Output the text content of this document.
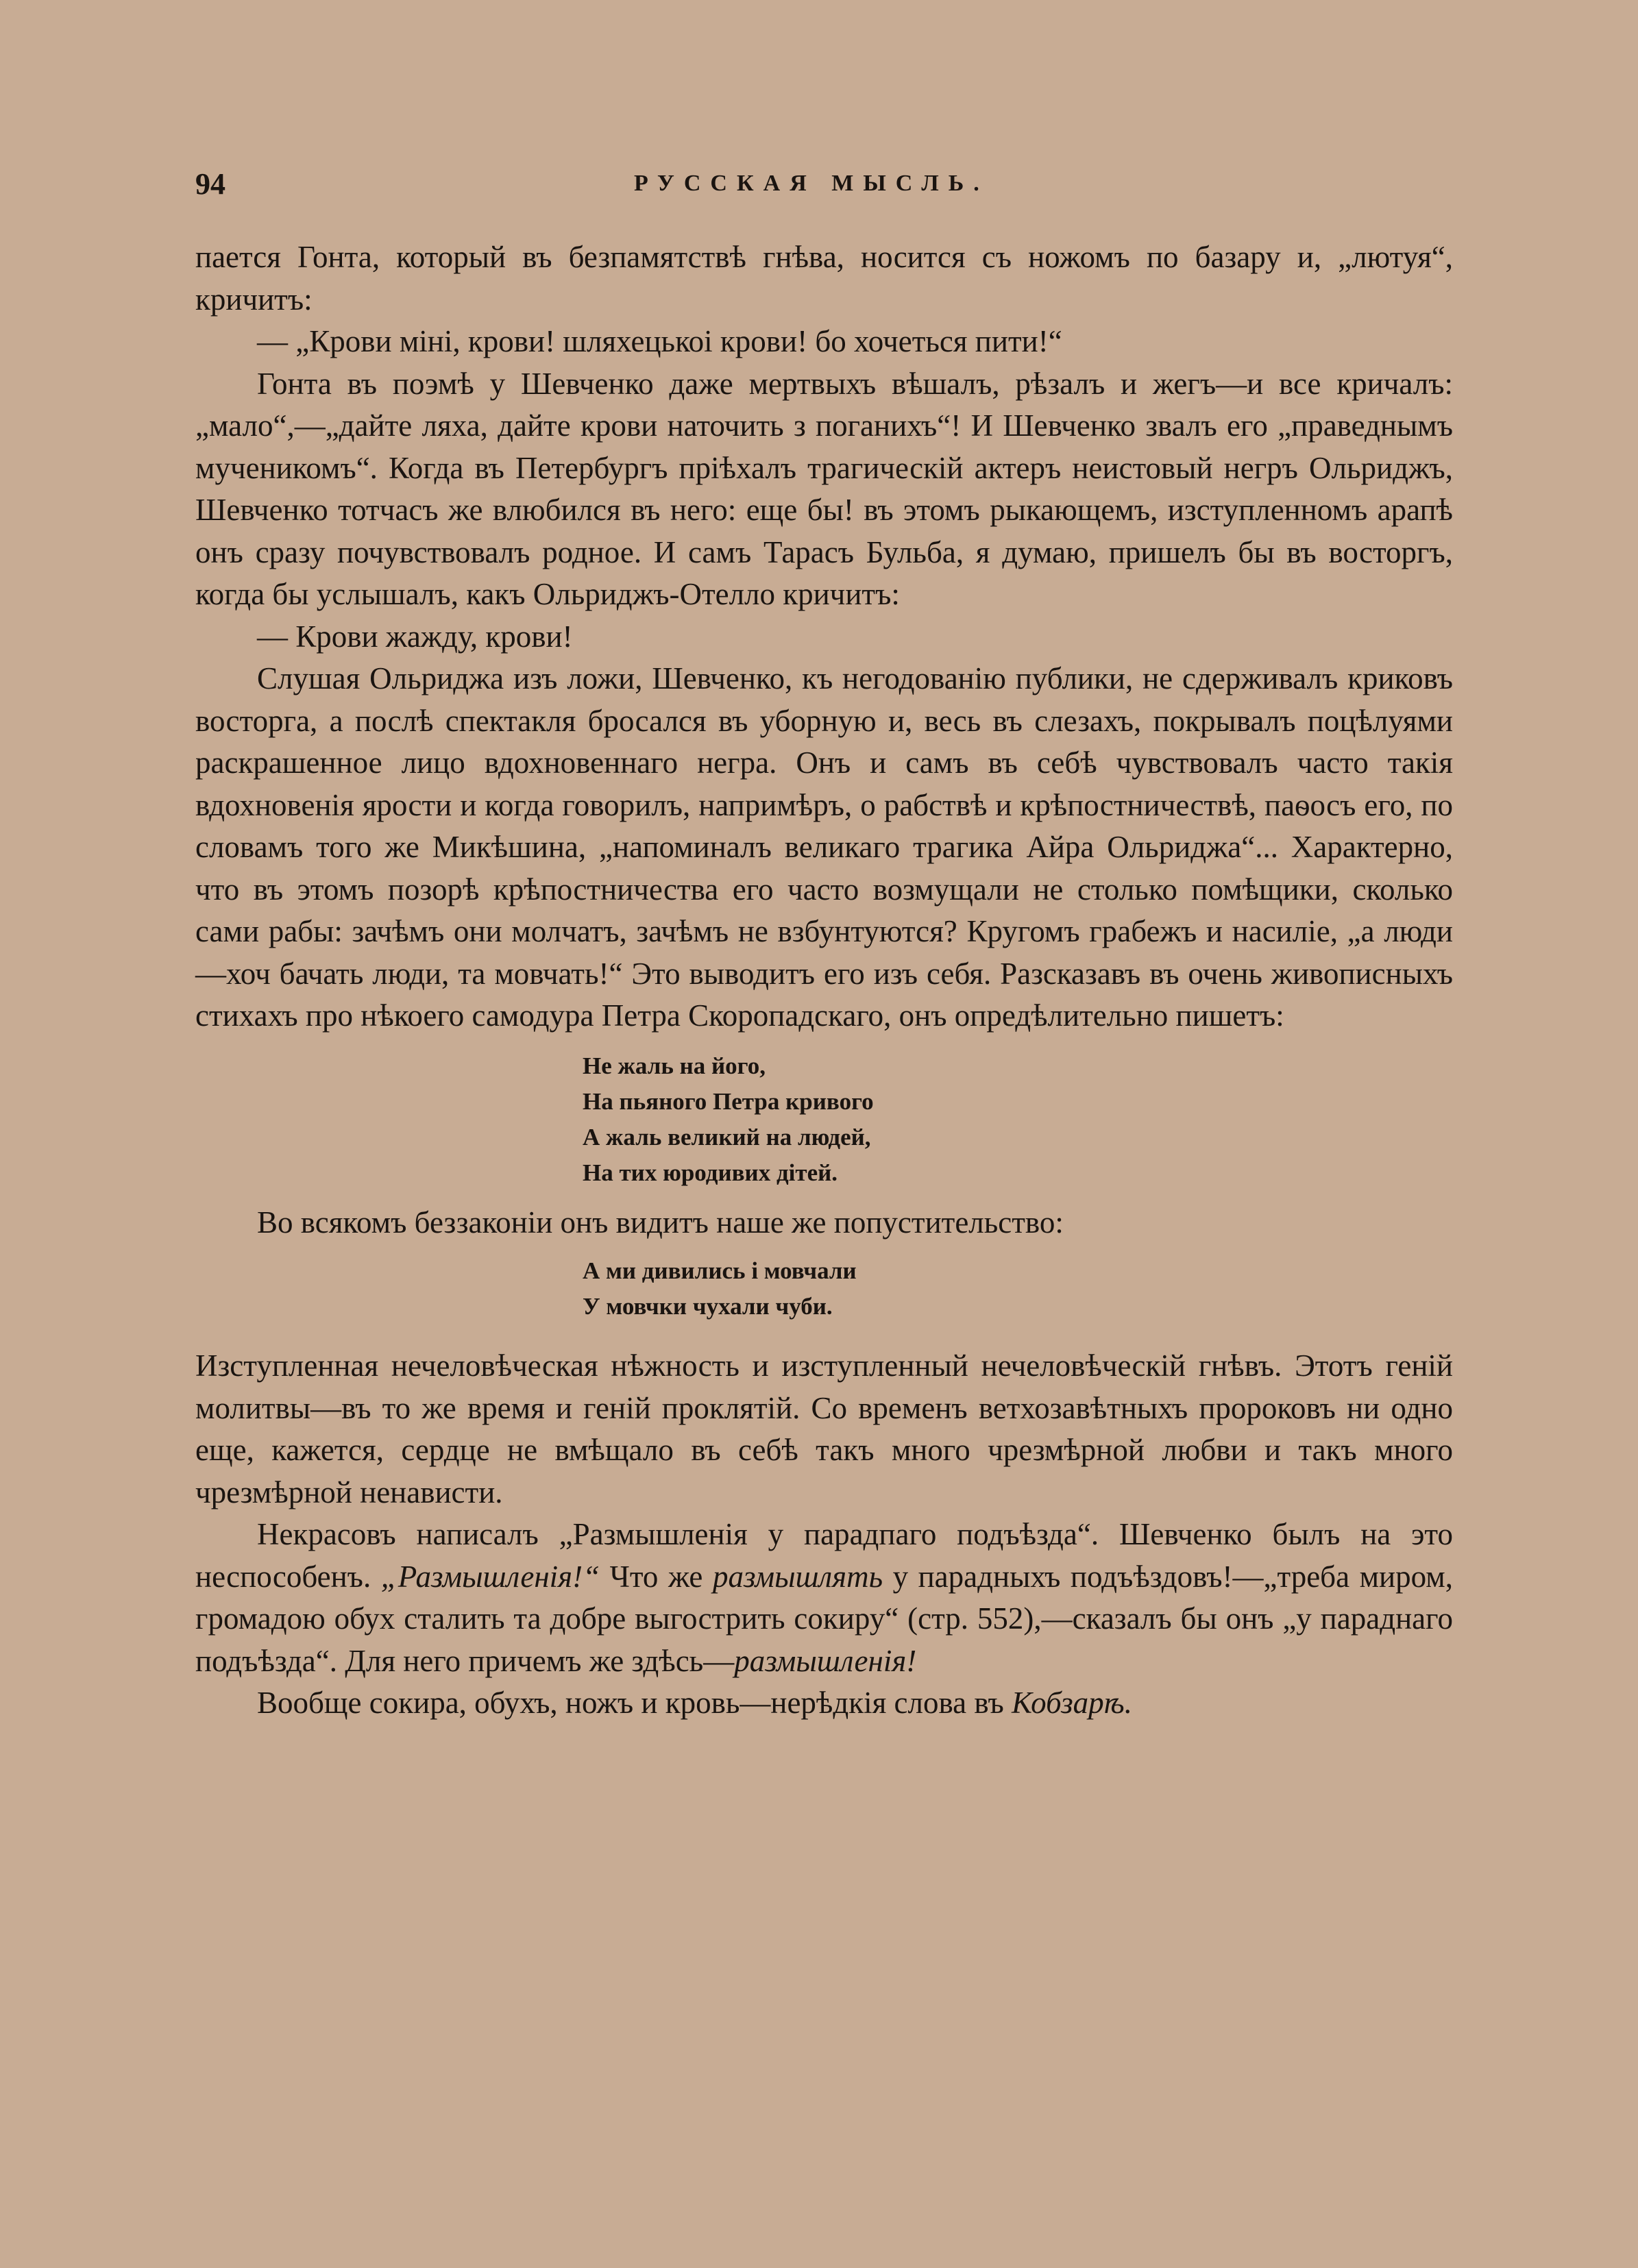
94	РУССКАЯ МЫСЛЬ.

пается Гонта, который въ безпамятствѣ гнѣва, носится съ ножомъ по базару и, „лютуя“, кричитъ:

— „Крови мiнi, крови! шляхецькоi крови! бо хочеться пити!“

Гонта въ поэмѣ у Шевченко даже мертвыхъ вѣшалъ, рѣзалъ и жегъ—и все кричалъ: „мало“,—„дайте ляха, дайте крови наточить з поганихъ“! И Шевченко звалъ его „праведнымъ мученикомъ“. Когда въ Петербургъ прiѣхалъ трагическiй актеръ неистовый негръ Ольриджъ, Шевченко тотчасъ же влюбился въ него: еще бы! въ этомъ рыкающемъ, изступленномъ арапѣ онъ сразу почувствовалъ родное. И самъ Тарасъ Бульба, я думаю, пришелъ бы въ восторгъ, когда бы услышалъ, какъ Ольриджъ-Отелло кричитъ:

— Крови жажду, крови!

Слушая Ольриджа изъ ложи, Шевченко, къ негодованiю публики, не сдерживалъ криковъ восторга, а послѣ спектакля бросался въ уборную и, весь въ слезахъ, покрывалъ поцѣлуями раскрашенное лицо вдохновеннаго негра. Онъ и самъ въ себѣ чувствовалъ часто такiя вдохновенiя ярости и когда говорилъ, напримѣръ, о рабствѣ и крѣпостничествѣ, паѳосъ его, по словамъ того же Микѣшина, „напоминалъ великаго трагика Айра Ольриджа“... Характерно, что въ этомъ позорѣ крѣпостничества его часто возмущали не столько помѣщики, сколько сами рабы: зачѣмъ они молчатъ, зачѣмъ не взбунтуются? Кругомъ грабежъ и насилiе, „а люди—хоч бачать люди, та мовчать!“ Это выводитъ его изъ себя. Разсказавъ въ очень живописныхъ стихахъ про нѣкоего самодура Петра Скоропадскаго, онъ опредѣлительно пишетъ:

Не жаль на його,
На пьяного Петра кривого
А жаль великий на людей,
На тих юродивих дiтей.

Во всякомъ беззаконiи онъ видитъ наше же попустительство:

А ми дивились i мовчали
У мовчки чухали чуби.

Изступленная нечеловѣческая нѣжность и изступленный нечеловѣческiй гнѣвъ. Этотъ генiй молитвы—въ то же время и генiй проклятiй. Со временъ ветхозавѣтныхъ пророковъ ни одно еще, кажется, сердце не вмѣщало въ себѣ такъ много чрезмѣрной любви и такъ много чрезмѣрной ненависти.

Некрасовъ написалъ „Размышленiя у парадпаго подъѣзда“. Шевченко былъ на это неспособенъ. „Размышленiя!“ Что же размышлять у парадныхъ подъѣздовъ!—„треба миром, громадою обух сталить та добре выгострить сокиру“ (стр. 552),—сказалъ бы онъ „у параднаго подъѣзда“. Для него причемъ же здѣсь—размышленiя!

Вообще сокира, обухъ, ножъ и кровь—нерѣдкiя слова въ Кобзарѣ.
